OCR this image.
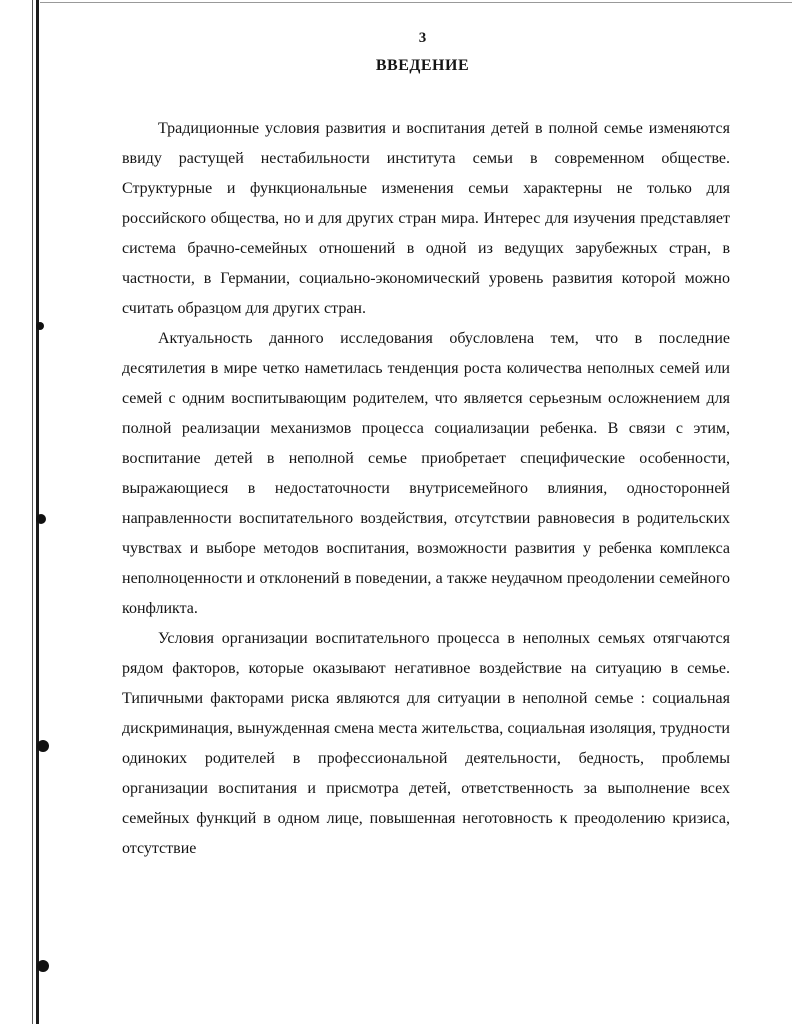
3
ВВЕДЕНИЕ

Традиционные условия развития и воспитания детей в полной семье изменяются ввиду растущей нестабильности института семьи в современном обществе. Структурные и функциональные изменения семьи характерны не только для российского общества, но и для других стран мира. Интерес для изучения представляет система брачно-семейных отношений в одной из ведущих зарубежных стран, в частности, в Германии, социально-экономический уровень развития которой можно считать образцом для других стран.

Актуальность данного исследования обусловлена тем, что в последние десятилетия в мире четко наметилась тенденция роста количества неполных семей или семей с одним воспитывающим родителем, что является серьезным осложнением для полной реализации механизмов процесса социализации ребенка. В связи с этим, воспитание детей в неполной семье приобретает специфические особенности, выражающиеся в недостаточности внутрисемейного влияния, односторонней направленности воспитательного воздействия, отсутствии равновесия в родительских чувствах и выборе методов воспитания, возможности развития у ребенка комплекса неполноценности и отклонений в поведении, а также неудачном преодолении семейного конфликта.

Условия организации воспитательного процесса в неполных семьях отягчаются рядом факторов, которые оказывают негативное воздействие на ситуацию в семье. Типичными факторами риска являются для ситуации в неполной семье : социальная дискриминация, вынужденная смена места жительства, социальная изоляция, трудности одиноких родителей в профессиональной деятельности, бедность, проблемы организации воспитания и присмотра детей, ответственность за выполнение всех семейных функций в одном лице, повышенная неготовность к преодолению кризиса, отсутствие
